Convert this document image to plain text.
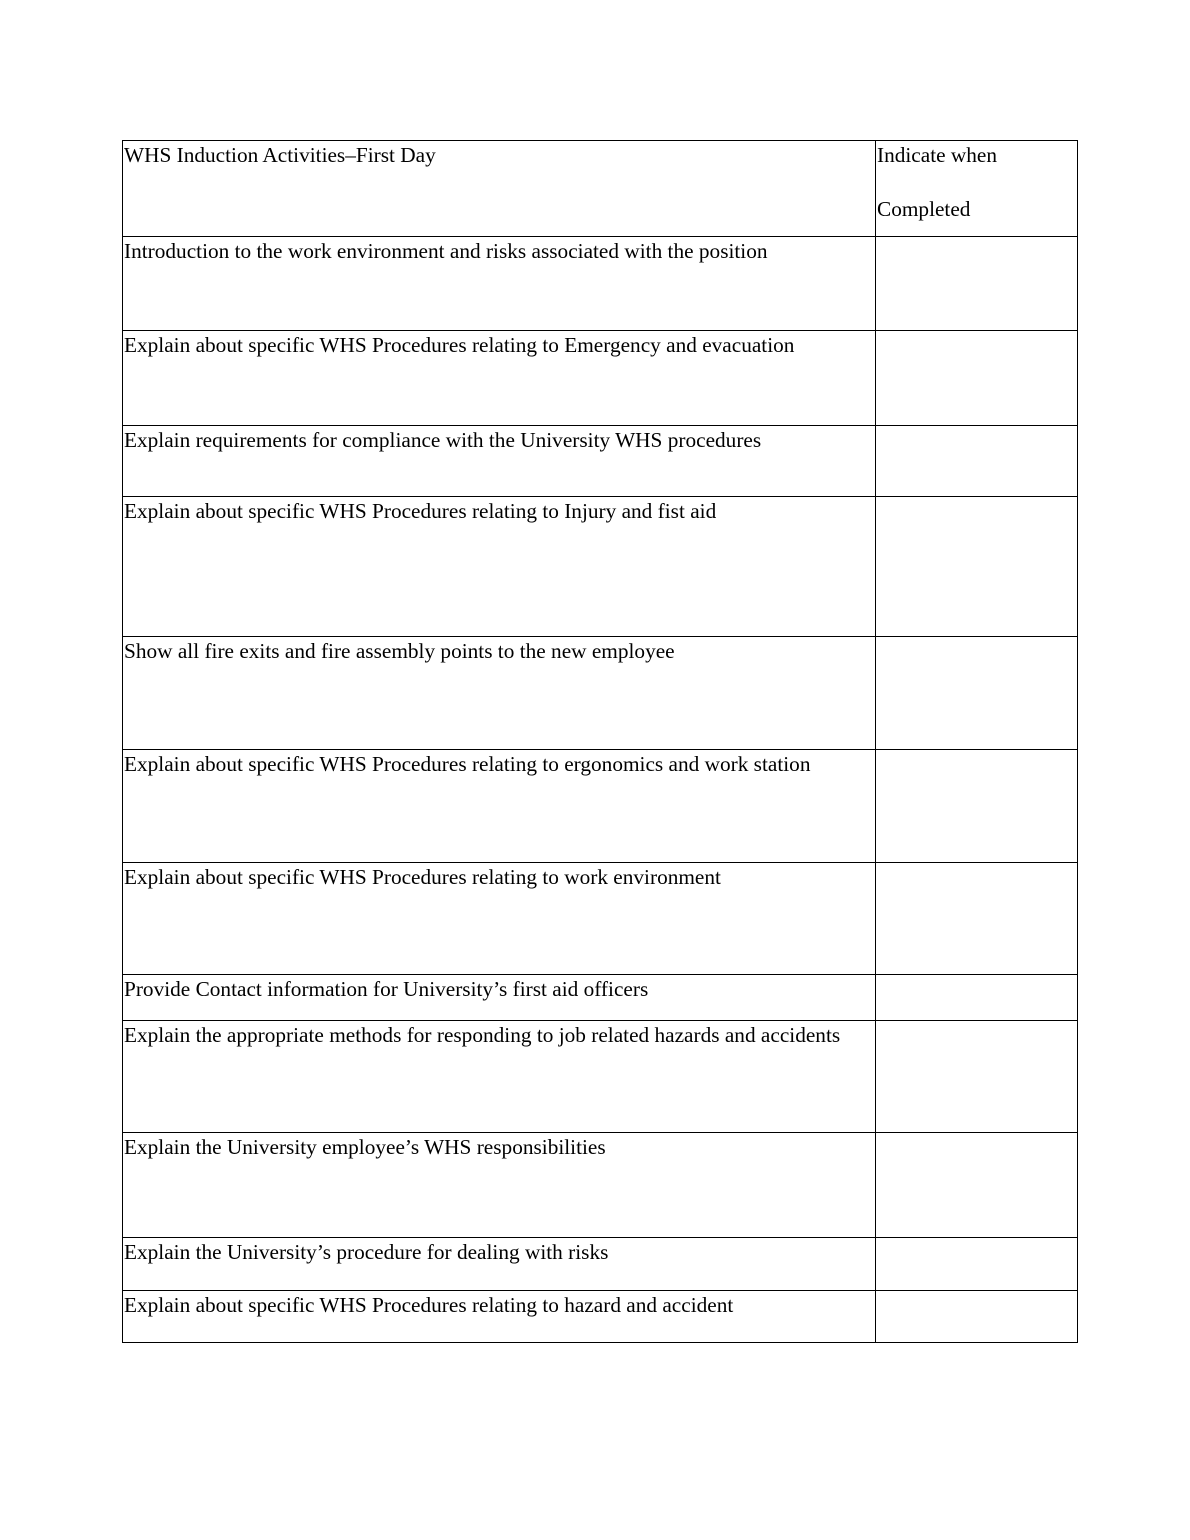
WHS Induction Activities–First Day	Indicate when
Completed

Introduction to the work environment and risks associated with the position	

Explain about specific WHS Procedures relating to Emergency and evacuation	

Explain requirements for compliance with the University WHS procedures	

Explain about specific WHS Procedures relating to Injury and fist aid	

Show all fire exits and fire assembly points to the new employee	

Explain about specific WHS Procedures relating to ergonomics and work station	

Explain about specific WHS Procedures relating to work environment	

Provide Contact information for University’s first aid officers	

Explain the appropriate methods for responding to job related hazards and accidents	

Explain the University employee’s WHS responsibilities	

Explain the University’s procedure for dealing with risks	

Explain about specific WHS Procedures relating to hazard and accident	
